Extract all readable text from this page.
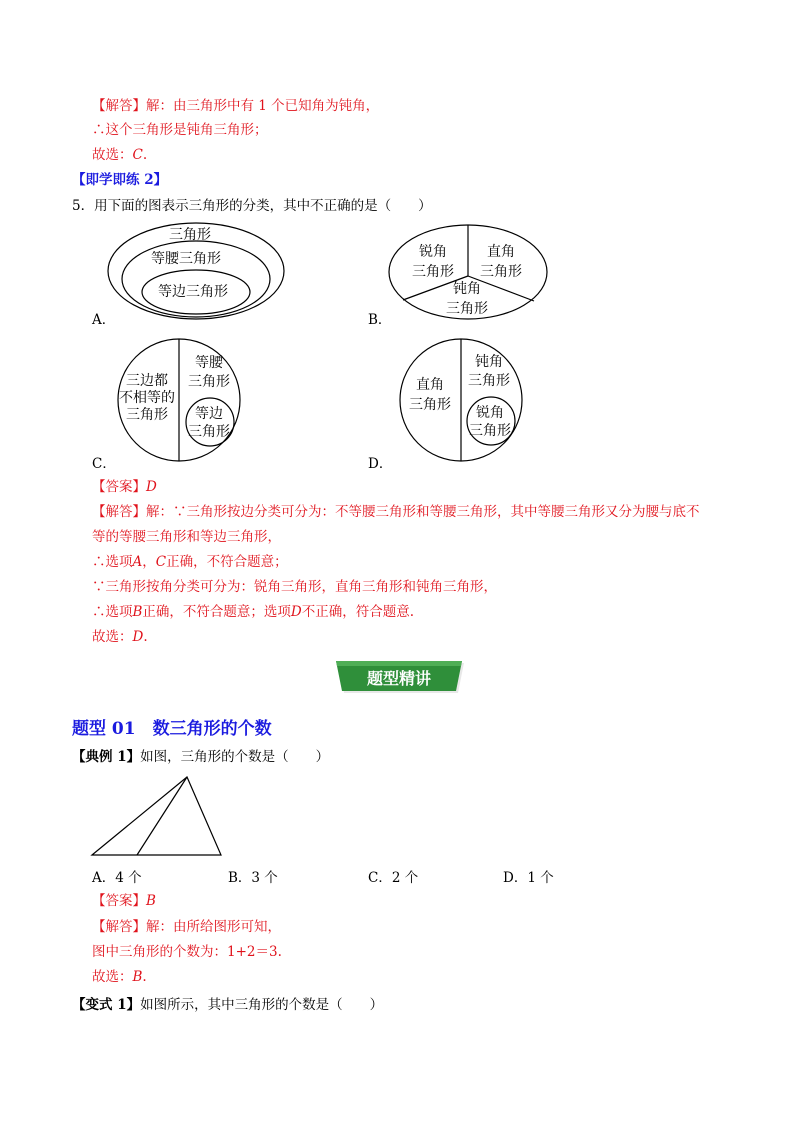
【解答】解：由三角形中有 1 个已知角为钝角，
∴这个三角形是钝角三角形；
故选：C.
【即学即练 2】
5．用下面的图表示三角形的分类，其中不正确的是（　　）
三角形
等腰三角形
等边三角形
A．
锐角
三角形
直角
三角形
钝角
三角形
B．
三边都
不相等的
三角形
等腰
三角形
等边
三角形
C．
直角
三角形
钝角
三角形
锐角
三角形
D．
【答案】D
【解答】解：∵三角形按边分类可分为：不等腰三角形和等腰三角形，其中等腰三角形又分为腰与底不
等的等腰三角形和等边三角形，
∴选项A，C正确，不符合题意；
∵三角形按角分类可分为：锐角三角形，直角三角形和钝角三角形，
∴选项B正确，不符合题意；选项D不正确，符合题意.
故选：D.
题型精讲
题型 01　数三角形的个数
【典例 1】如图，三角形的个数是（　　）
A．4 个	B．3 个	C．2 个	D．1 个
【答案】B
【解答】解：由所给图形可知，
图中三角形的个数为：1+2＝3.
故选：B.
【变式 1】如图所示，其中三角形的个数是（　　）
